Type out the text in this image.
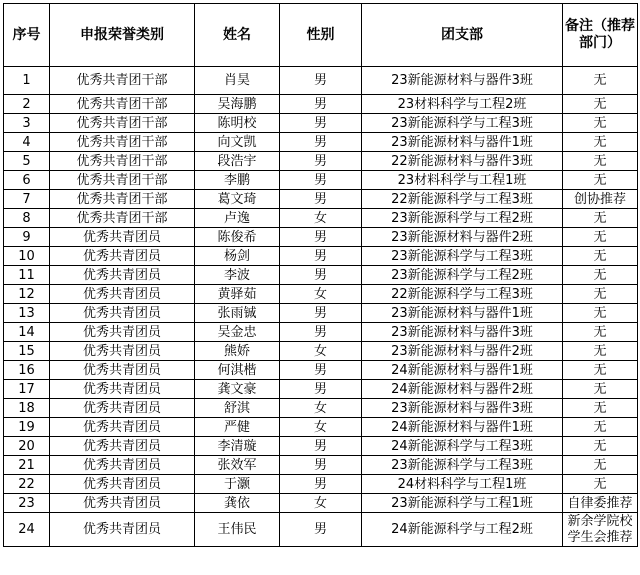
序号	申报荣誉类别	姓名	性别	团支部	备注（推荐部门）
1	优秀共青团干部	肖昊	男	23新能源材料与器件3班	无
2	优秀共青团干部	吴海鹏	男	23材料科学与工程2班	无
3	优秀共青团干部	陈明校	男	23新能源科学与工程3班	无
4	优秀共青团干部	向文凯	男	23新能源材料与器件1班	无
5	优秀共青团干部	段浩宇	男	22新能源材料与器件3班	无
6	优秀共青团干部	李鹏	男	23材料科学与工程1班	无
7	优秀共青团干部	葛文琦	男	22新能源科学与工程3班	创协推荐
8	优秀共青团干部	卢逸	女	23新能源科学与工程2班	无
9	优秀共青团员	陈俊希	男	23新能源材料与器件2班	无
10	优秀共青团员	杨剑	男	23新能源科学与工程3班	无
11	优秀共青团员	李波	男	23新能源科学与工程2班	无
12	优秀共青团员	黄驿茹	女	22新能源科学与工程3班	无
13	优秀共青团员	张雨铖	男	23新能源材料与器件1班	无
14	优秀共青团员	吴金忠	男	23新能源材料与器件3班	无
15	优秀共青团员	熊娇	女	23新能源材料与器件2班	无
16	优秀共青团员	何淇楷	男	24新能源材料与器件1班	无
17	优秀共青团员	龚文豪	男	24新能源材料与器件2班	无
18	优秀共青团员	舒淇	女	23新能源材料与器件3班	无
19	优秀共青团员	严健	女	24新能源材料与器件1班	无
20	优秀共青团员	李清璇	男	24新能源科学与工程3班	无
21	优秀共青团员	张效军	男	23新能源科学与工程3班	无
22	优秀共青团员	于灏	男	24材料科学与工程1班	无
23	优秀共青团员	龚依	女	23新能源科学与工程1班	自律委推荐
24	优秀共青团员	王伟民	男	24新能源科学与工程2班	新余学院校学生会推荐
